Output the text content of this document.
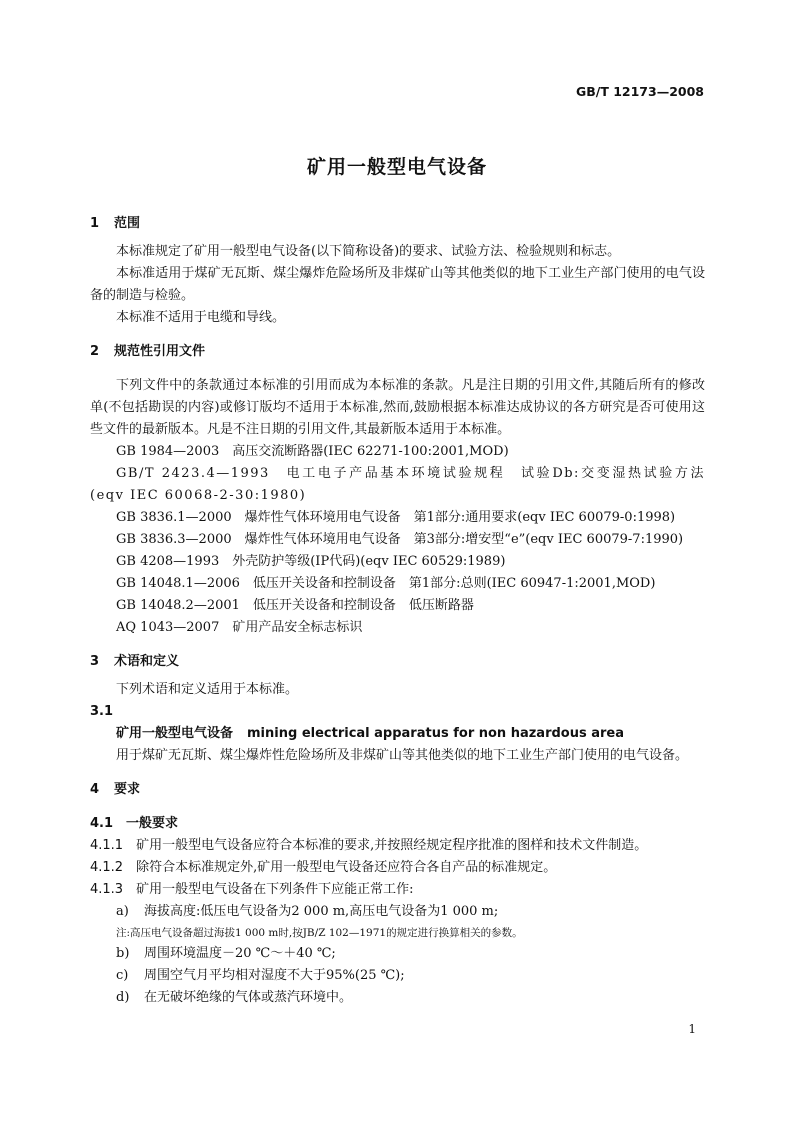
GB/T 12173—2008
矿用一般型电气设备
1 范围
本标准规定了矿用一般型电气设备(以下简称设备)的要求、试验方法、检验规则和标志。
本标准适用于煤矿无瓦斯、煤尘爆炸危险场所及非煤矿山等其他类似的地下工业生产部门使用的电气设备的制造与检验。
本标准不适用于电缆和导线。
2 规范性引用文件
下列文件中的条款通过本标准的引用而成为本标准的条款。凡是注日期的引用文件,其随后所有的修改单(不包括勘误的内容)或修订版均不适用于本标准,然而,鼓励根据本标准达成协议的各方研究是否可使用这些文件的最新版本。凡是不注日期的引用文件,其最新版本适用于本标准。
GB 1984—2003　高压交流断路器(IEC 62271-100:2001,MOD)
GB/T 2423.4—1993　电工电子产品基本环境试验规程　试验Db:交变湿热试验方法(eqv IEC 60068-2-30:1980)
GB 3836.1—2000　爆炸性气体环境用电气设备　第1部分:通用要求(eqv IEC 60079-0:1998)
GB 3836.3—2000　爆炸性气体环境用电气设备　第3部分:增安型“e”(eqv IEC 60079-7:1990)
GB 4208—1993　外壳防护等级(IP代码)(eqv IEC 60529:1989)
GB 14048.1—2006　低压开关设备和控制设备　第1部分:总则(IEC 60947-1:2001,MOD)
GB 14048.2—2001　低压开关设备和控制设备　低压断路器
AQ 1043—2007　矿用产品安全标志标识
3 术语和定义
下列术语和定义适用于本标准。
3.1
矿用一般型电气设备 mining electrical apparatus for non hazardous area
用于煤矿无瓦斯、煤尘爆炸性危险场所及非煤矿山等其他类似的地下工业生产部门使用的电气设备。
4 要求
4.1　 一般要求
4.1.1　 矿用一般型电气设备应符合本标准的要求,并按照经规定程序批准的图样和技术文件制造。
4.1.2　 除符合本标准规定外,矿用一般型电气设备还应符合各自产品的标准规定。
4.1.3　 矿用一般型电气设备在下列条件下应能正常工作:
a) 海拔高度:低压电气设备为2 000 m,高压电气设备为1 000 m;
注:高压电气设备超过海拔1 000 m时,按JB/Z 102—1971的规定进行换算相关的参数。
b) 周围环境温度－20 ℃～＋40 ℃;
c) 周围空气月平均相对湿度不大于95%(25 ℃);
d) 在无破坏绝缘的气体或蒸汽环境中。
1
